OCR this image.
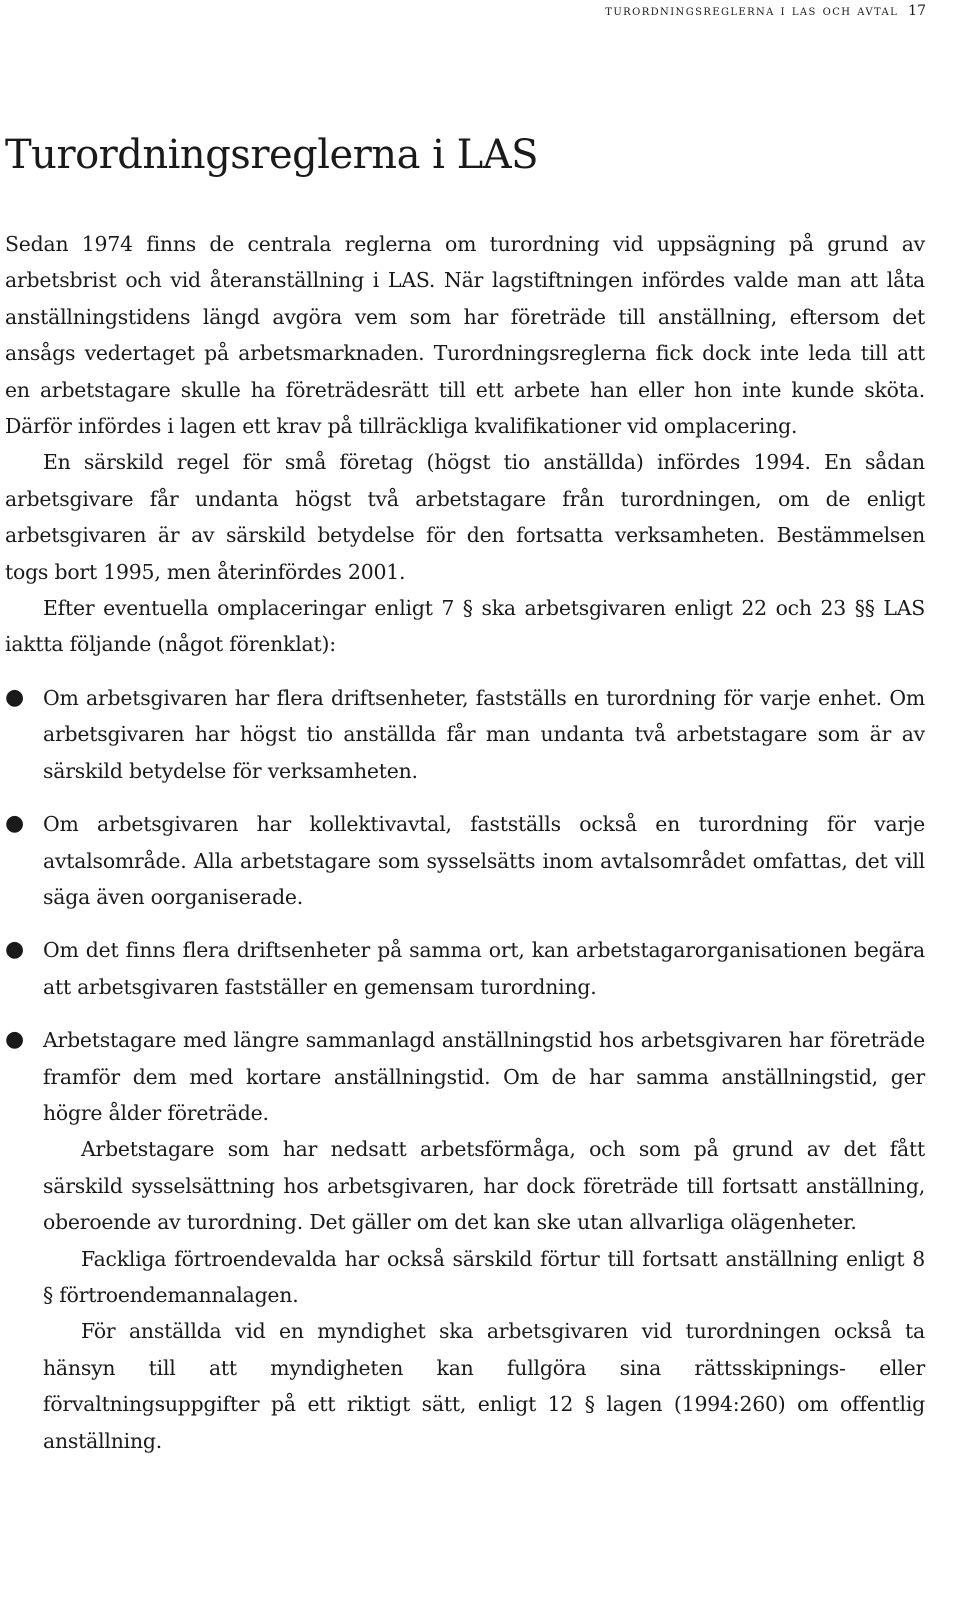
turordningsreglerna i las och avtal 17
Turordningsreglerna i LAS

Sedan 1974 finns de centrala reglerna om turordning vid uppsägning på grund av arbetsbrist och vid återanställning i LAS. När lagstiftningen infördes valde man att låta anställningstidens längd avgöra vem som har företräde till anställning, eftersom det ansågs vedertaget på arbetsmarknaden. Turordningsreglerna fick dock inte leda till att en arbetstagare skulle ha företrädesrätt till ett arbete han eller hon inte kunde sköta. Därför infördes i lagen ett krav på tillräckliga kvalifikationer vid omplacering.

En särskild regel för små företag (högst tio anställda) infördes 1994. En sådan arbetsgivare får undanta högst två arbetstagare från turordningen, om de enligt arbetsgivaren är av särskild betydelse för den fortsatta verksamheten. Bestämmelsen togs bort 1995, men återinfördes 2001.

Efter eventuella omplaceringar enligt 7 § ska arbetsgivaren enligt 22 och 23 §§ LAS iakttа följande (något förenklat):

● Om arbetsgivaren har flera driftsenheter, fastställs en turordning för varje enhet. Om arbetsgivaren har högst tio anställda får man undanta två arbetstagare som är av särskild betydelse för verksamheten.

● Om arbetsgivaren har kollektivavtal, fastställs också en turordning för varje avtalsområde. Alla arbetstagare som sysselsätts inom avtalsområdet omfattas, det vill säga även oorganiserade.

● Om det finns flera driftsenheter på samma ort, kan arbetstagarorganisationen begära att arbetsgivaren fastställer en gemensam turordning.

● Arbetstagare med längre sammanlagd anställningstid hos arbetsgivaren har företräde framför dem med kortare anställningstid. Om de har samma anställningstid, ger högre ålder företräde.

Arbetstagare som har nedsatt arbetsförmåga, och som på grund av det fått särskild sysselsättning hos arbetsgivaren, har dock företräde till fortsatt anställning, oberoende av turordning. Det gäller om det kan ske utan allvarliga olägenheter.

Fackliga förtroendevalda har också särskild förtur till fortsatt anställning enligt 8 § förtroendemannalagen.

För anställda vid en myndighet ska arbetsgivaren vid turordningen också ta hänsyn till att myndigheten kan fullgöra sina rättsskipnings- eller förvaltningsuppgifter på ett riktigt sätt, enligt 12 § lagen (1994:260) om offentlig anställning.
